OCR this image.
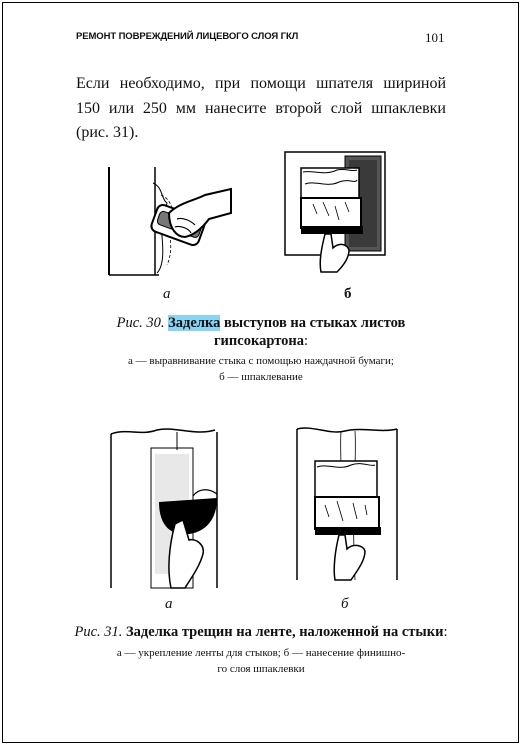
РЕМОНТ ПОВРЕЖДЕНИЙ ЛИЦЕВОГО СЛОЯ ГКЛ	101
Если необходимо, при помощи шпателя шириной
150 или 250 мм нанесите второй слой шпаклевки
(рис. 31).
а	б
Рис. 30. Заделка выступов на стыках листов
гипсокартона:
а — выравнивание стыка с помощью наждачной бумаги;
б — шпаклевание
а	б
Рис. 31. Заделка трещин на ленте, наложенной на стыки:
а — укрепление ленты для стыков; б — нанесение финишно-
го слоя шпаклевки
